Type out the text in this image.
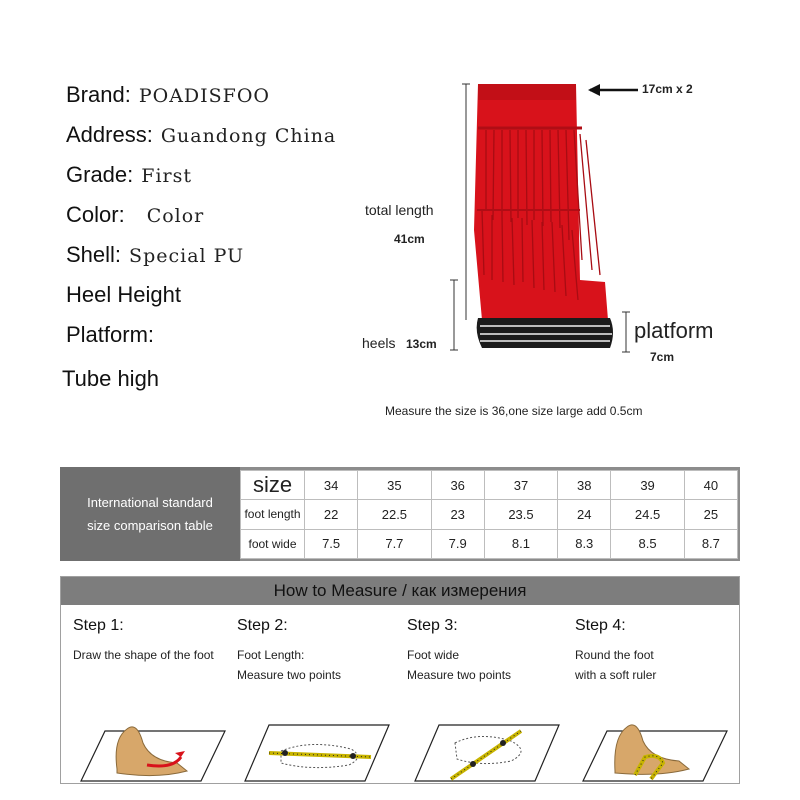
Brand: POADISFOO
Address: Guandong China
Grade: First
Color: Color
Shell: Special PU
Heel Height
Platform:
Tube high
17cm x 2
total length
41cm
heels 13cm
platform
7cm
Measure the size is 36,one size large add 0.5cm
International standard
size comparison table
size	34	35	36	37	38	39	40
foot length	22	22.5	23	23.5	24	24.5	25
foot wide	7.5	7.7	7.9	8.1	8.3	8.5	8.7
How to Measure / как измерения
Step 1:
Draw the shape of the foot
Step 2:
Foot Length:
Measure two points
Step 3:
Foot wide
Measure two points
Step 4:
Round the foot
with a soft ruler
